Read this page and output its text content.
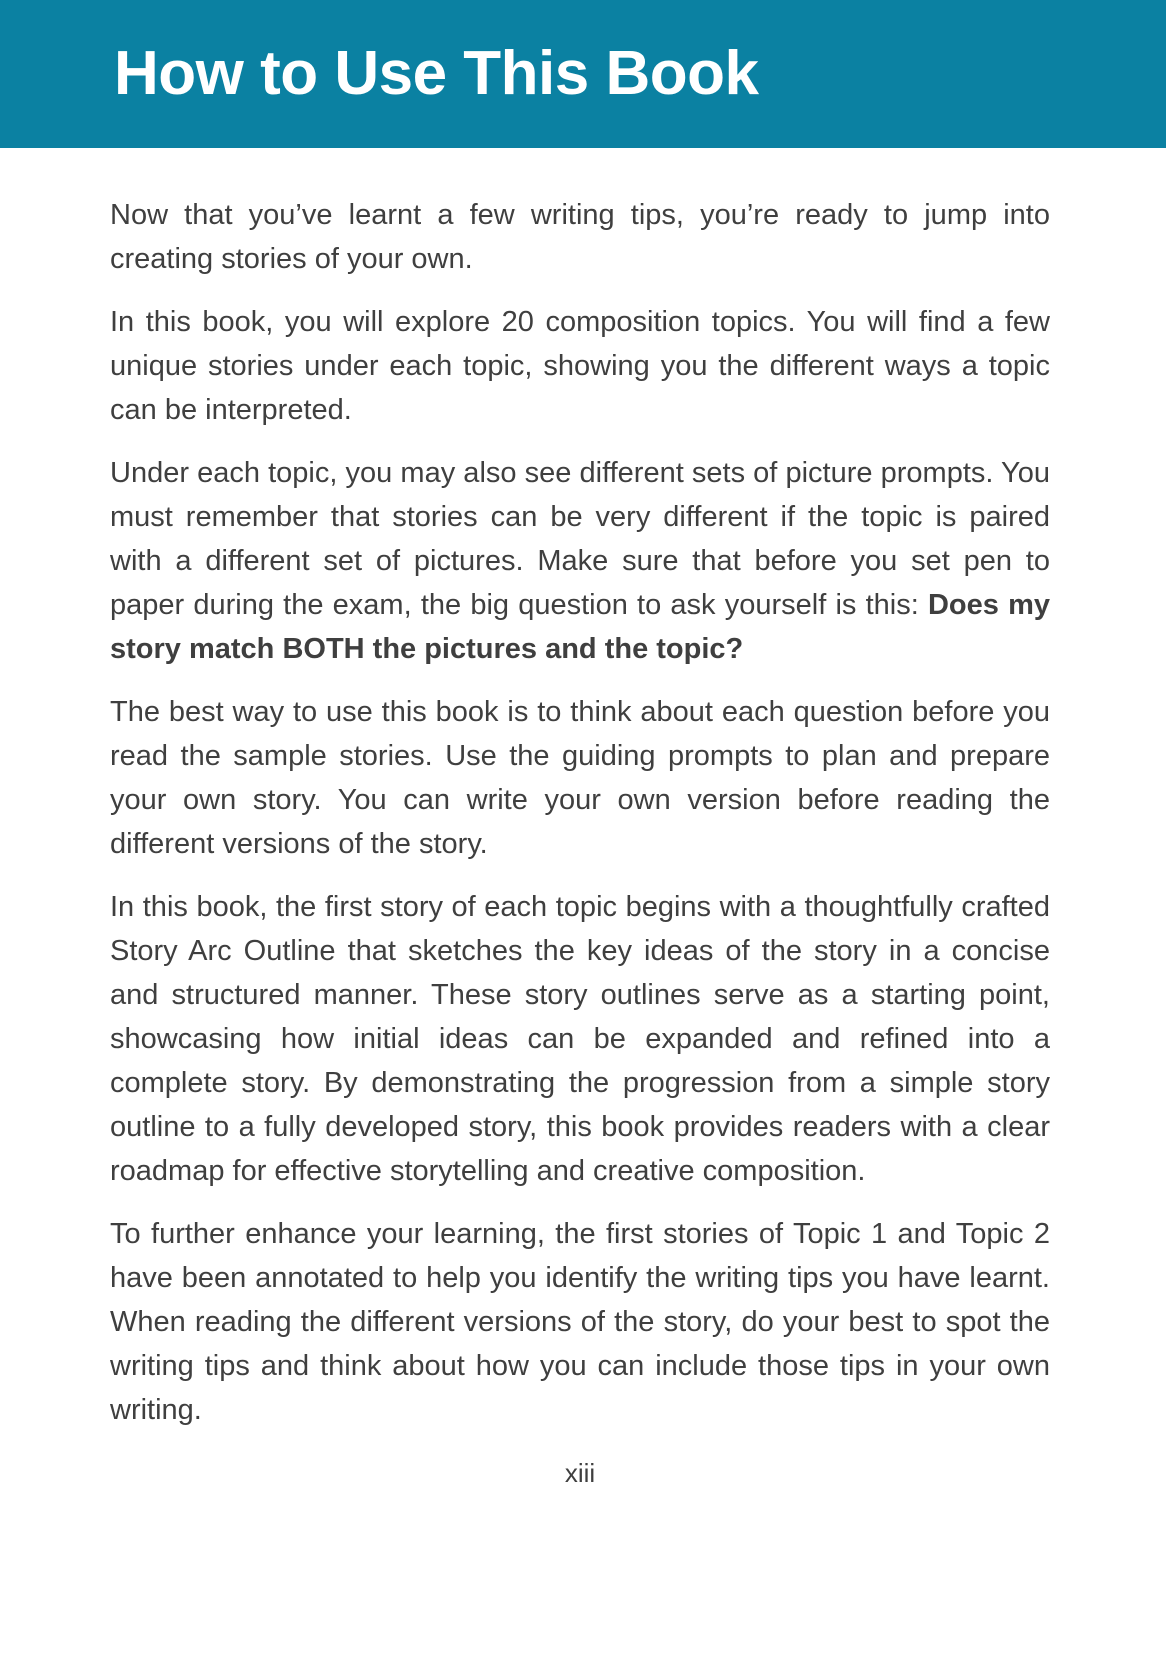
How to Use This Book

Now that you’ve learnt a few writing tips, you’re ready to jump into creating stories of your own.

In this book, you will explore 20 composition topics. You will find a few unique stories under each topic, showing you the different ways a topic can be interpreted.

Under each topic, you may also see different sets of picture prompts. You must remember that stories can be very different if the topic is paired with a different set of pictures. Make sure that before you set pen to paper during the exam, the big question to ask yourself is this: Does my story match BOTH the pictures and the topic?

The best way to use this book is to think about each question before you read the sample stories. Use the guiding prompts to plan and prepare your own story. You can write your own version before reading the different versions of the story.

In this book, the first story of each topic begins with a thoughtfully crafted Story Arc Outline that sketches the key ideas of the story in a concise and structured manner. These story outlines serve as a starting point, showcasing how initial ideas can be expanded and refined into a complete story. By demonstrating the progression from a simple story outline to a fully developed story, this book provides readers with a clear roadmap for effective storytelling and creative composition.

To further enhance your learning, the first stories of Topic 1 and Topic 2 have been annotated to help you identify the writing tips you have learnt. When reading the different versions of the story, do your best to spot the writing tips and think about how you can include those tips in your own writing.

xiii
